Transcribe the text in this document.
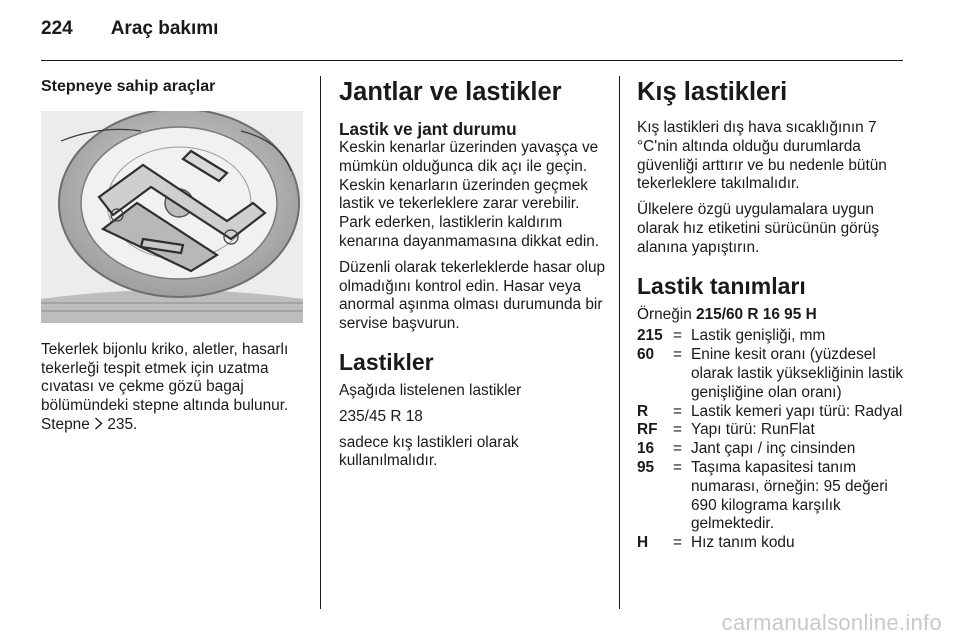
224 Araç bakımı
Stepneye sahip araçlar

Tekerlek bijonlu kriko, aletler, hasarlı tekerleği tespit etmek için uzatma cıvatası ve çekme gözü bagaj bölümündeki stepne altında bulunur. Stepne 235.

Jantlar ve lastikler
Lastik ve jant durumu

Keskin kenarlar üzerinden yavaşça ve mümkün olduğunca dik açı ile geçin. Keskin kenarların üzerinden geçmek lastik ve tekerleklere zarar verebilir. Park ederken, lastiklerin kaldırım kenarına dayanmamasına dikkat edin.

Düzenli olarak tekerleklerde hasar olup olmadığını kontrol edin. Hasar veya anormal aşınma olması durumunda bir servise başvurun.

Lastikler

Aşağıda listelenen lastikler

235/45 R 18

sadece kış lastikleri olarak kullanılmalıdır.

Kış lastikleri

Kış lastikleri dış hava sıcaklığının 7 °C'nin altında olduğu durumlarda güvenliği arttırır ve bu nedenle bütün tekerleklere takılmalıdır.

Ülkelere özgü uygulamalara uygun olarak hız etiketini sürücünün görüş alanına yapıştırın.

Lastik tanımları

Örneğin 215/60 R 16 95 H

215 = Lastik genişliği, mm
60	= Enine kesit oranı (yüzdesel olarak lastik yüksekliğinin lastik genişliğine olan oranı)
R	= Lastik kemeri yapı türü: Radyal
RF	= Yapı türü: RunFlat
16	= Jant çapı / inç cinsinden
95	= Taşıma kapasitesi tanım numarası, örneğin: 95 değeri 690 kilograma karşılık gelmektedir.
H	= Hız tanım kodu
carmanualsonline.info
